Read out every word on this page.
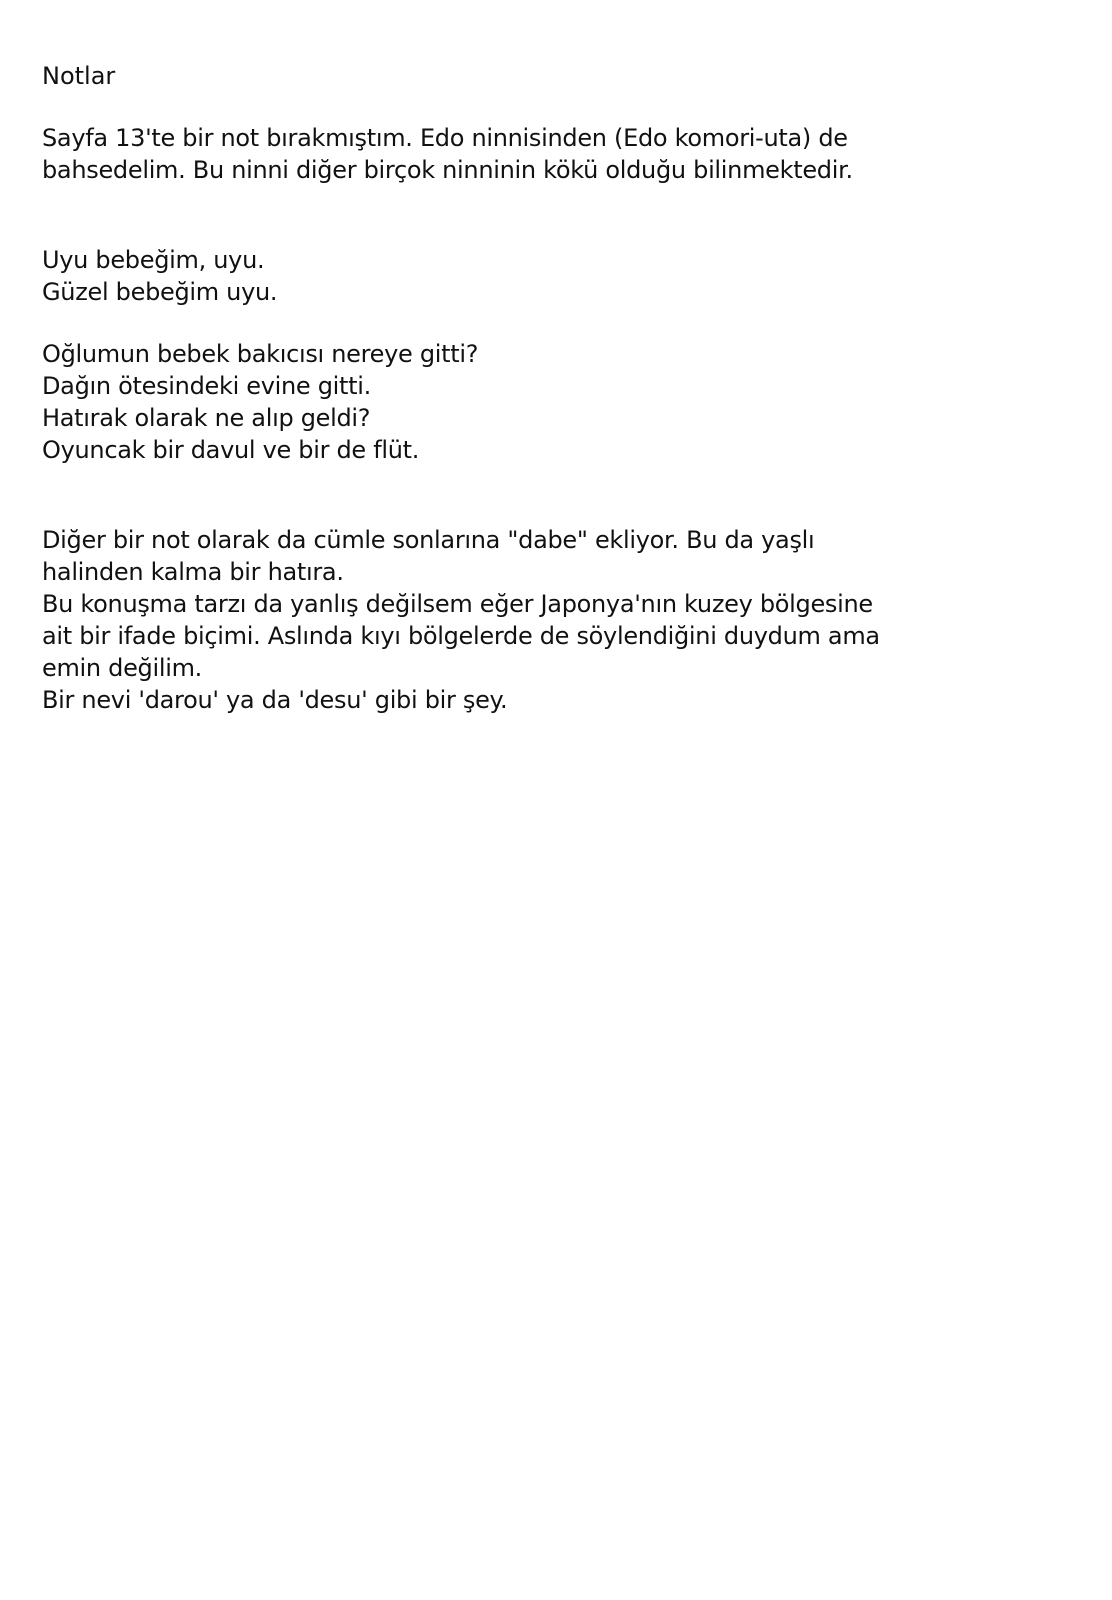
Notlar
Sayfa 13'te bir not bırakmıştım. Edo ninnisinden (Edo komori-uta) de
bahsedelim. Bu ninni diğer birçok ninninin kökü olduğu bilinmektedir.
Uyu bebeğim, uyu.
Güzel bebeğim uyu.
Oğlumun bebek bakıcısı nereye gitti?
Dağın ötesindeki evine gitti.
Hatırak olarak ne alıp geldi?
Oyuncak bir davul ve bir de flüt.
Diğer bir not olarak da cümle sonlarına "dabe" ekliyor. Bu da yaşlı
halinden kalma bir hatıra.
Bu konuşma tarzı da yanlış değilsem eğer Japonya'nın kuzey bölgesine
ait bir ifade biçimi. Aslında kıyı bölgelerde de söylendiğini duydum ama
emin değilim.
Bir nevi 'darou' ya da 'desu' gibi bir şey.
